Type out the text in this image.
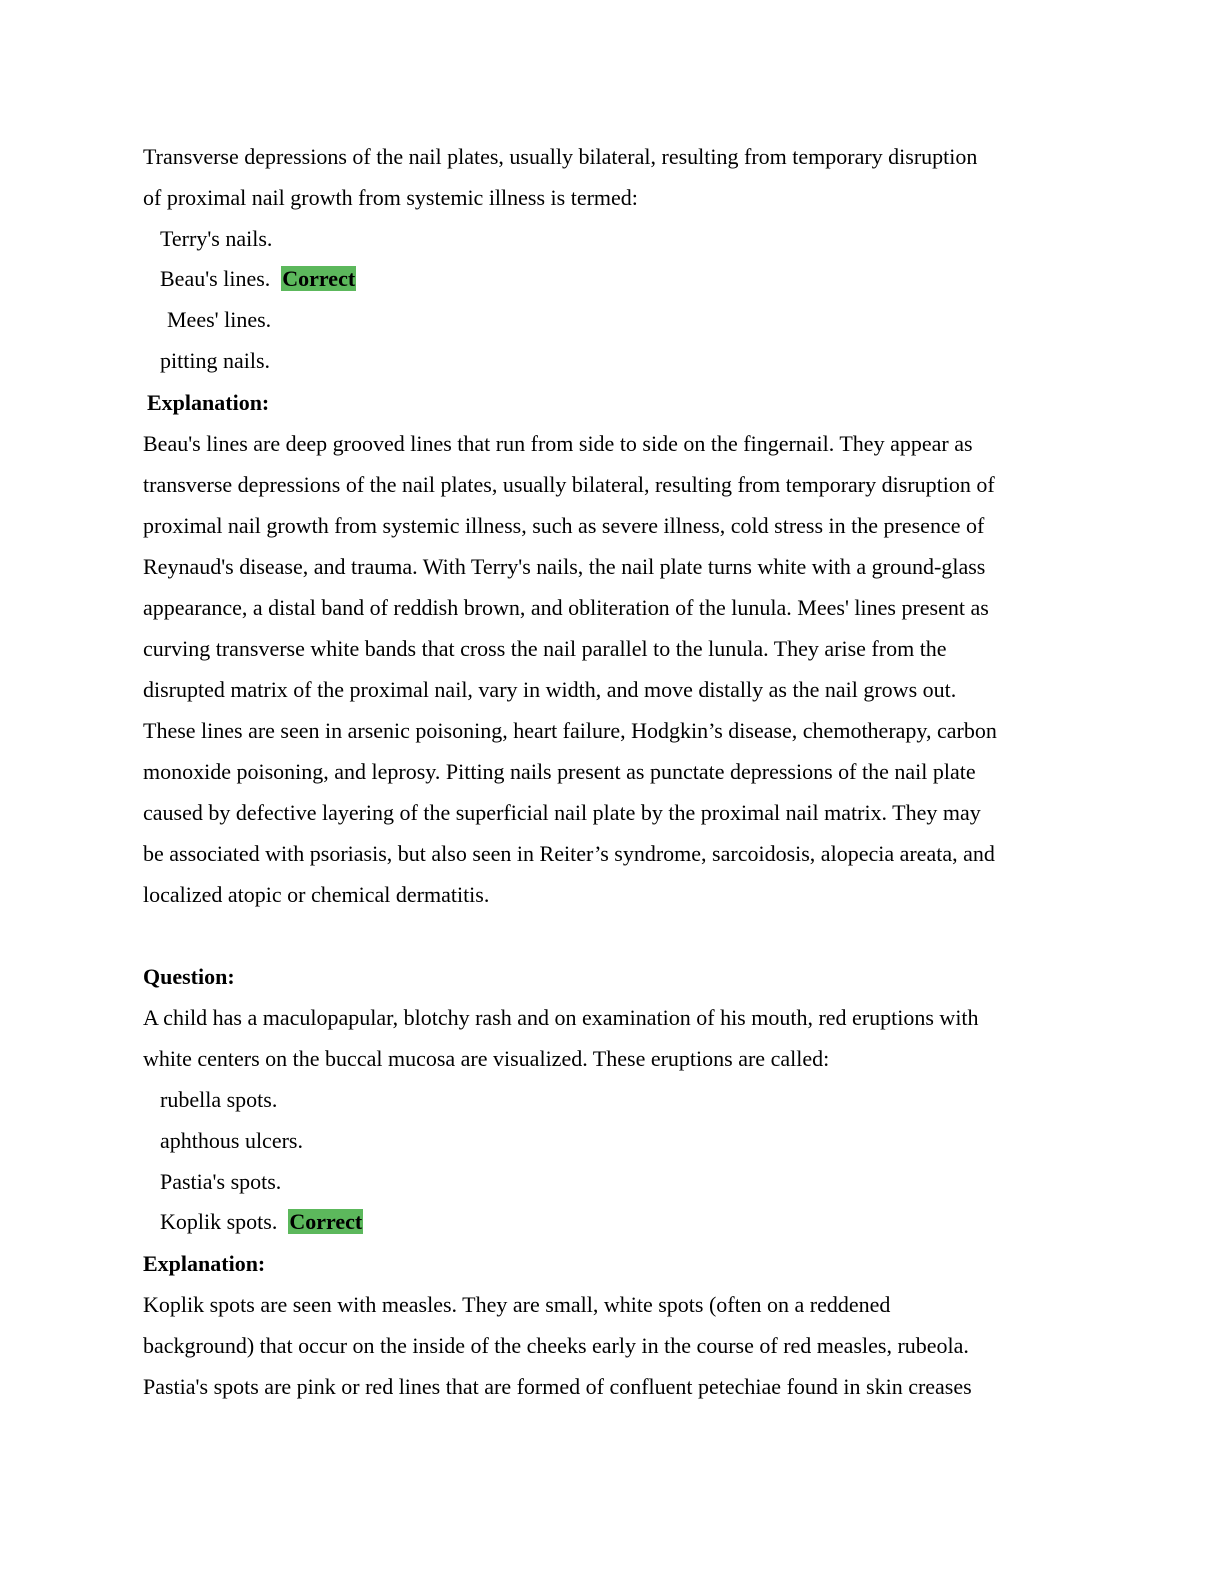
Transverse depressions of the nail plates, usually bilateral, resulting from temporary disruption
of proximal nail growth from systemic illness is termed:
Terry's nails.
Beau's lines. Correct
Mees' lines.
pitting nails.
Explanation:
Beau's lines are deep grooved lines that run from side to side on the fingernail. They appear as
transverse depressions of the nail plates, usually bilateral, resulting from temporary disruption of
proximal nail growth from systemic illness, such as severe illness, cold stress in the presence of
Reynaud's disease, and trauma. With Terry's nails, the nail plate turns white with a ground-glass
appearance, a distal band of reddish brown, and obliteration of the lunula. Mees' lines present as
curving transverse white bands that cross the nail parallel to the lunula. They arise from the
disrupted matrix of the proximal nail, vary in width, and move distally as the nail grows out.
These lines are seen in arsenic poisoning, heart failure, Hodgkin’s disease, chemotherapy, carbon
monoxide poisoning, and leprosy. Pitting nails present as punctate depressions of the nail plate
caused by defective layering of the superficial nail plate by the proximal nail matrix. They may
be associated with psoriasis, but also seen in Reiter’s syndrome, sarcoidosis, alopecia areata, and
localized atopic or chemical dermatitis.
Question:
A child has a maculopapular, blotchy rash and on examination of his mouth, red eruptions with
white centers on the buccal mucosa are visualized. These eruptions are called:
rubella spots.
aphthous ulcers.
Pastia's spots.
Koplik spots. Correct
Explanation:
Koplik spots are seen with measles. They are small, white spots (often on a reddened
background) that occur on the inside of the cheeks early in the course of red measles, rubeola.
Pastia's spots are pink or red lines that are formed of confluent petechiae found in skin creases
